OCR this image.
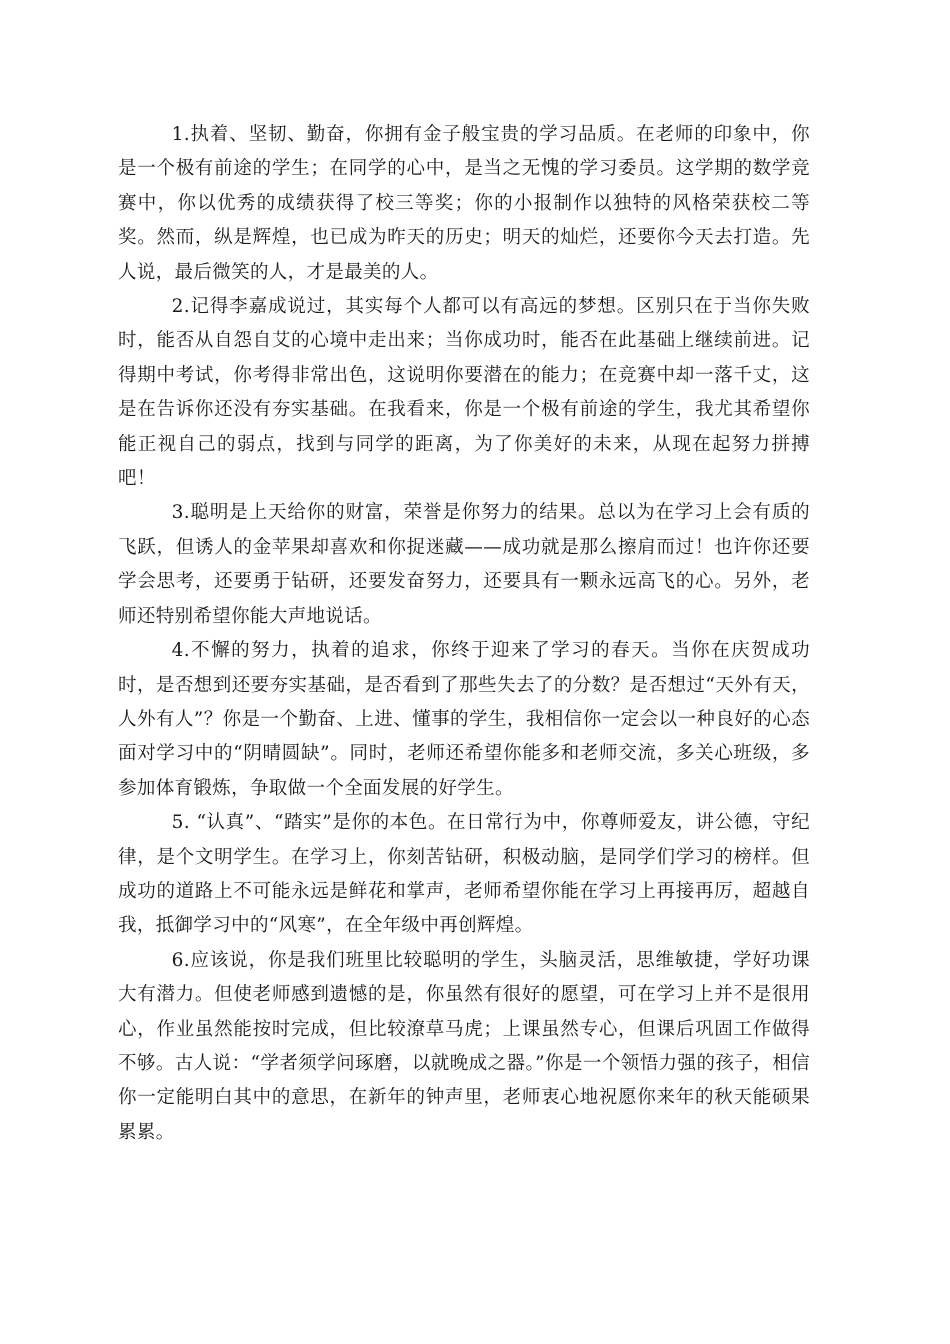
1.执着、坚韧、勤奋，你拥有金子般宝贵的学习品质。在老师的印象中，你是一个极有前途的学生；在同学的心中，是当之无愧的学习委员。这学期的数学竞赛中，你以优秀的成绩获得了校三等奖；你的小报制作以独特的风格荣获校二等奖。然而，纵是辉煌，也已成为昨天的历史；明天的灿烂，还要你今天去打造。先人说，最后微笑的人，才是最美的人。

2.记得李嘉成说过，其实每个人都可以有高远的梦想。区别只在于当你失败时，能否从自怨自艾的心境中走出来；当你成功时，能否在此基础上继续前进。记得期中考试，你考得非常出色，这说明你要潜在的能力；在竞赛中却一落千丈，这是在告诉你还没有夯实基础。在我看来，你是一个极有前途的学生，我尤其希望你能正视自己的弱点，找到与同学的距离，为了你美好的未来，从现在起努力拼搏吧！

3.聪明是上天给你的财富，荣誉是你努力的结果。总以为在学习上会有质的飞跃，但诱人的金苹果却喜欢和你捉迷藏——成功就是那么擦肩而过！也许你还要学会思考，还要勇于钻研，还要发奋努力，还要具有一颗永远高飞的心。另外，老师还特别希望你能大声地说话。

4.不懈的努力，执着的追求，你终于迎来了学习的春天。当你在庆贺成功时，是否想到还要夯实基础，是否看到了那些失去了的分数？是否想过“天外有天，人外有人”？你是一个勤奋、上进、懂事的学生，我相信你一定会以一种良好的心态面对学习中的“阴晴圆缺”。同时，老师还希望你能多和老师交流，多关心班级，多参加体育锻炼，争取做一个全面发展的好学生。

5. “认真”、“踏实”是你的本色。在日常行为中，你尊师爱友，讲公德，守纪律，是个文明学生。在学习上，你刻苦钻研，积极动脑，是同学们学习的榜样。但成功的道路上不可能永远是鲜花和掌声，老师希望你能在学习上再接再厉，超越自我，抵御学习中的“风寒”，在全年级中再创辉煌。

6.应该说，你是我们班里比较聪明的学生，头脑灵活，思维敏捷，学好功课大有潜力。但使老师感到遗憾的是，你虽然有很好的愿望，可在学习上并不是很用心，作业虽然能按时完成，但比较潦草马虎；上课虽然专心，但课后巩固工作做得不够。古人说：“学者须学问琢磨，以就晚成之器。”你是一个领悟力强的孩子，相信你一定能明白其中的意思，在新年的钟声里，老师衷心地祝愿你来年的秋天能硕果累累。
